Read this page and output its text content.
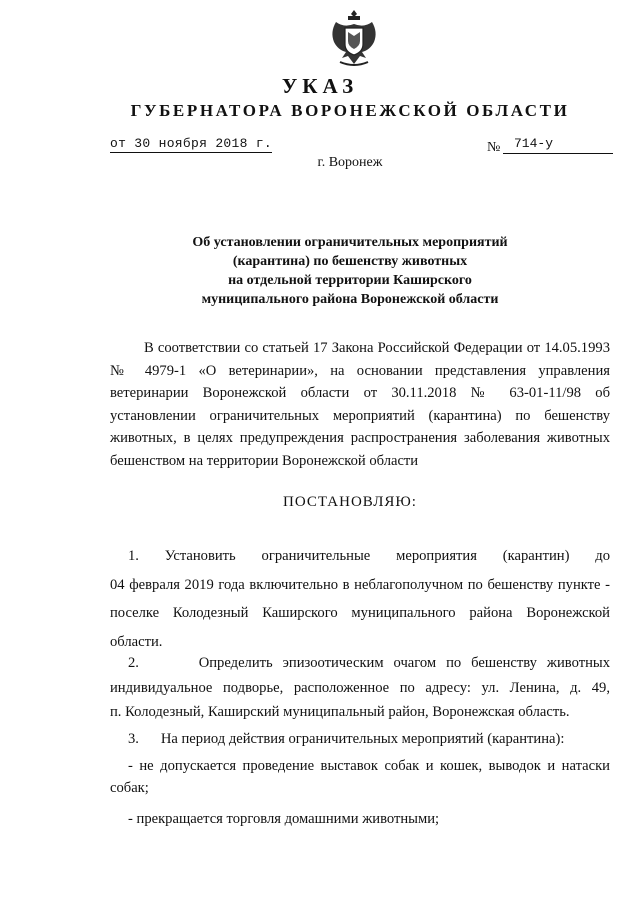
УКАЗ
ГУБЕРНАТОРА ВОРОНЕЖСКОЙ ОБЛАСТИ
от 30 ноября 2018 г.	№ 714-у
г. Воронеж
Об установлении ограничительных мероприятий
(карантина) по бешенству животных
на отдельной территории Каширского
муниципального района Воронежской области
В соответствии со статьей 17 Закона Российской Федерации от 14.05.1993
№ 4979-1 «О ветеринарии», на основании представления управления
ветеринарии Воронежской области от 30.11.2018 № 63-01-11/98 об
установлении ограничительных мероприятий (карантина) по бешенству
животных, в целях предупреждения распространения заболевания животных
бешенством на территории Воронежской области
ПОСТАНОВЛЯЮ:
1.      Установить      ограничительные      мероприятия      (карантин)      до
04 февраля 2019 года включительно в неблагополучном по бешенству пункте -
поселке Колодезный Каширского муниципального района Воронежской
области.
2.      Определить эпизоотическим очагом по бешенству животных
индивидуальное подворье, расположенное по адресу: ул. Ленина, д. 49,
п. Колодезный, Каширский муниципальный район, Воронежская область.
3.      На период действия ограничительных мероприятий (карантина):
- не допускается проведение выставок собак и кошек, выводок и натаски
собак;
- прекращается торговля домашними животными;
